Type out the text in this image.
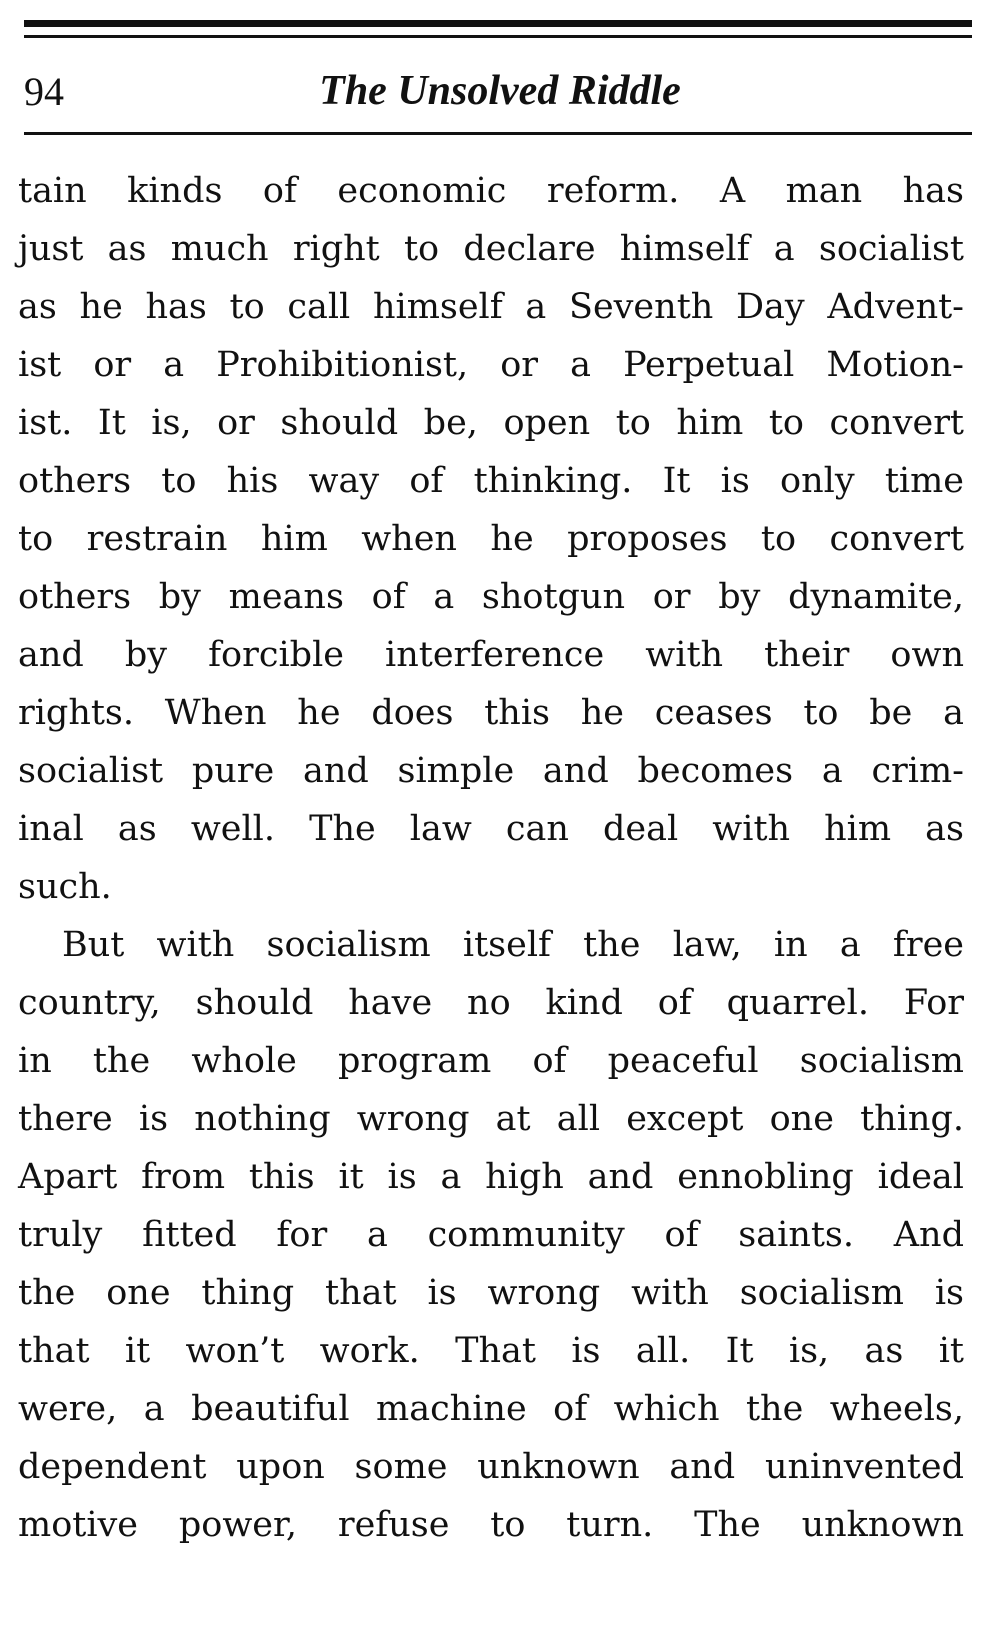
94	The Unsolved Riddle
tain kinds of economic reform. A man has
just as much right to declare himself a socialist
as he has to call himself a Seventh Day Advent-
ist or a Prohibitionist, or a Perpetual Motion-
ist. It is, or should be, open to him to convert
others to his way of thinking. It is only time
to restrain him when he proposes to convert
others by means of a shotgun or by dynamite,
and by forcible interference with their own
rights. When he does this he ceases to be a
socialist pure and simple and becomes a crim-
inal as well. The law can deal with him as
such.
But with socialism itself the law, in a free
country, should have no kind of quarrel. For
in the whole program of peaceful socialism
there is nothing wrong at all except one thing.
Apart from this it is a high and ennobling ideal
truly fitted for a community of saints. And
the one thing that is wrong with socialism is
that it won’t work. That is all. It is, as it
were, a beautiful machine of which the wheels,
dependent upon some unknown and uninvented
motive power, refuse to turn. The unknown
